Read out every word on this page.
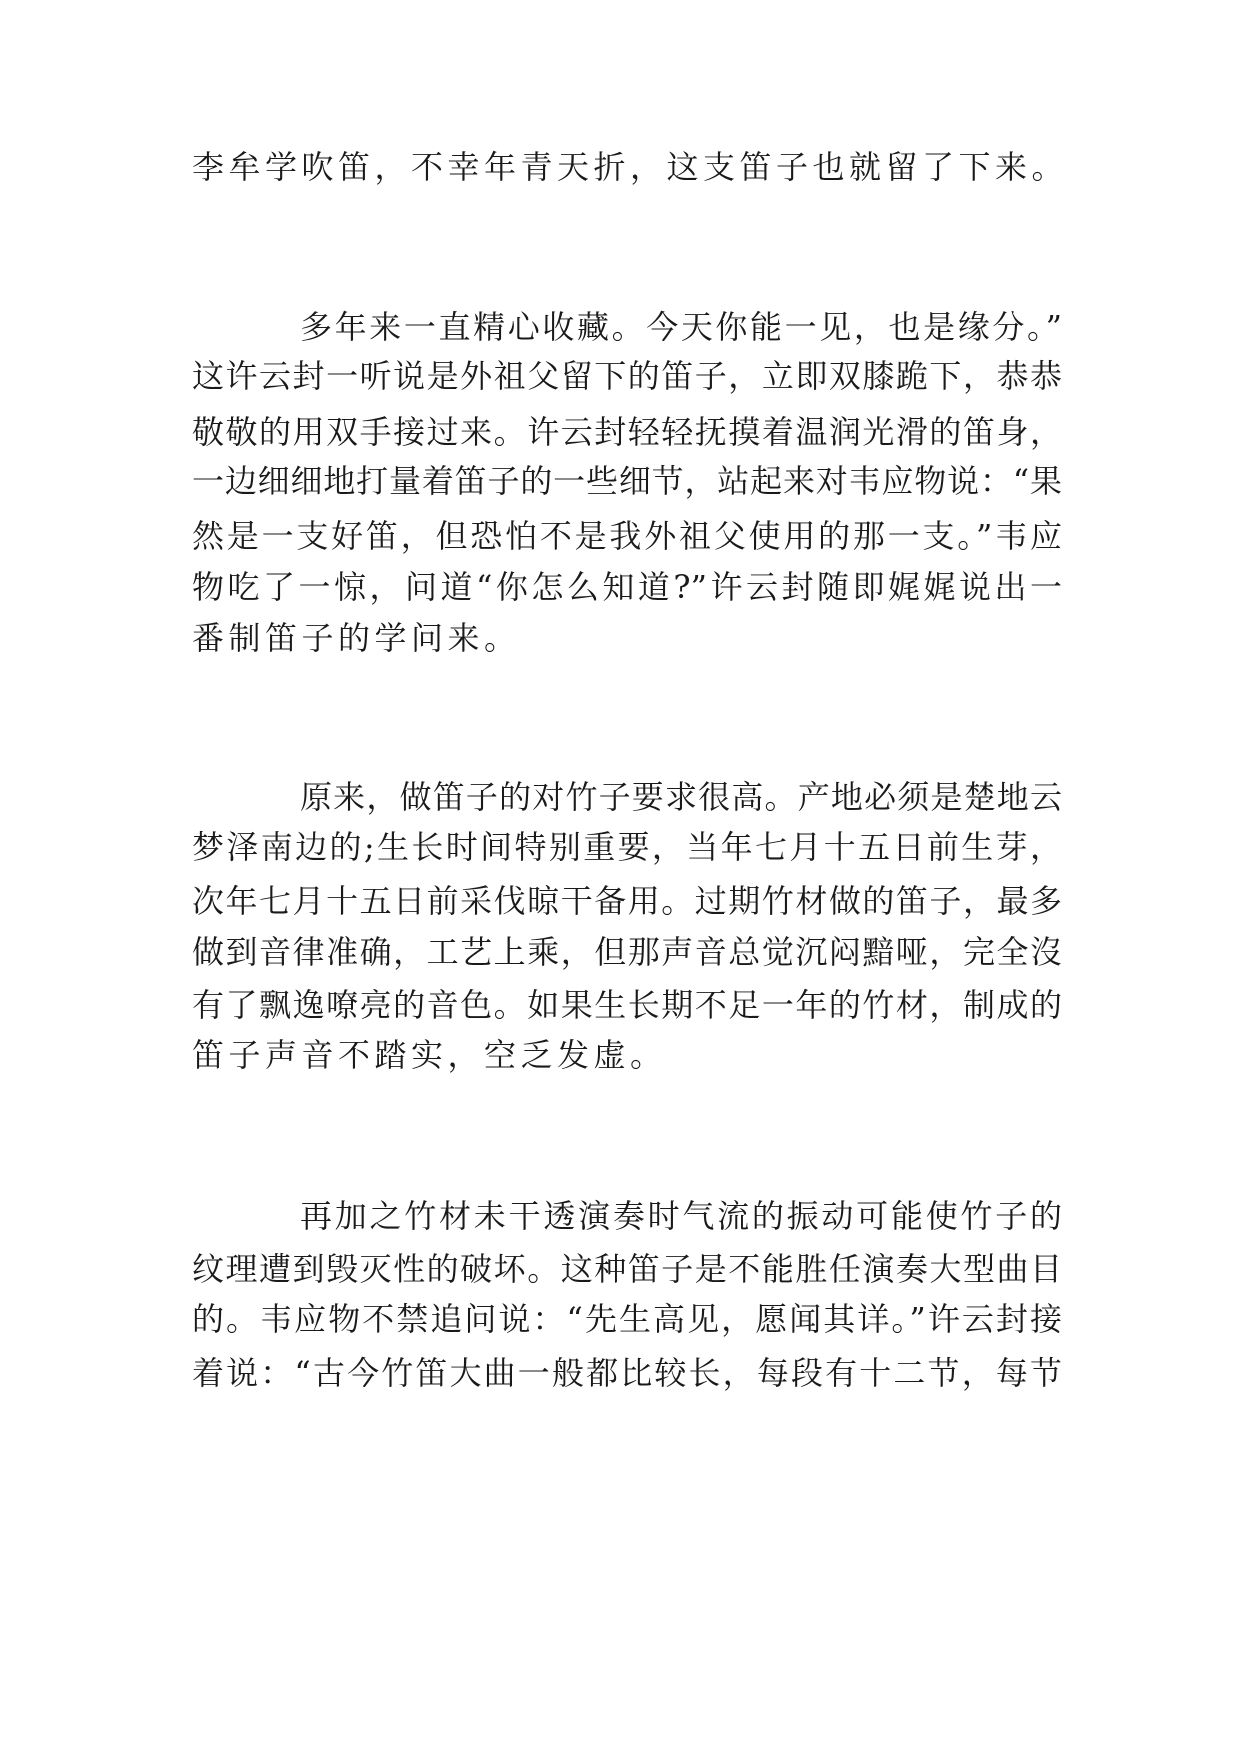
李牟学吹笛，不幸年青天折，这支笛子也就留了下来。
多年来一直精心收藏。今天你能一见，也是缘分。”
这许云封一听说是外祖父留下的笛子，立即双膝跪下，恭恭
敬敬的用双手接过来。许云封轻轻抚摸着温润光滑的笛身，
一边细细地打量着笛子的一些细节，站起来对韦应物说：“果
然是一支好笛，但恐怕不是我外祖父使用的那一支。”韦应
物吃了一惊，问道“你怎么知道?”许云封随即娓娓说出一
番制笛子的学问来。
原来，做笛子的对竹子要求很高。产地必须是楚地云
梦泽南边的;生长时间特别重要，当年七月十五日前生芽，
次年七月十五日前采伐晾干备用。过期竹材做的笛子，最多
做到音律准确，工艺上乘，但那声音总觉沉闷黯哑，完全沒
有了飘逸嘹亮的音色。如果生长期不足一年的竹材，制成的
笛子声音不踏实，空乏发虚。
再加之竹材未干透演奏时气流的振动可能使竹子的
纹理遭到毁灭性的破坏。这种笛子是不能胜任演奏大型曲目
的。韦应物不禁追问说：“先生高见，愿闻其详。”许云封接
着说：“古今竹笛大曲一般都比较长，每段有十二节，每节
